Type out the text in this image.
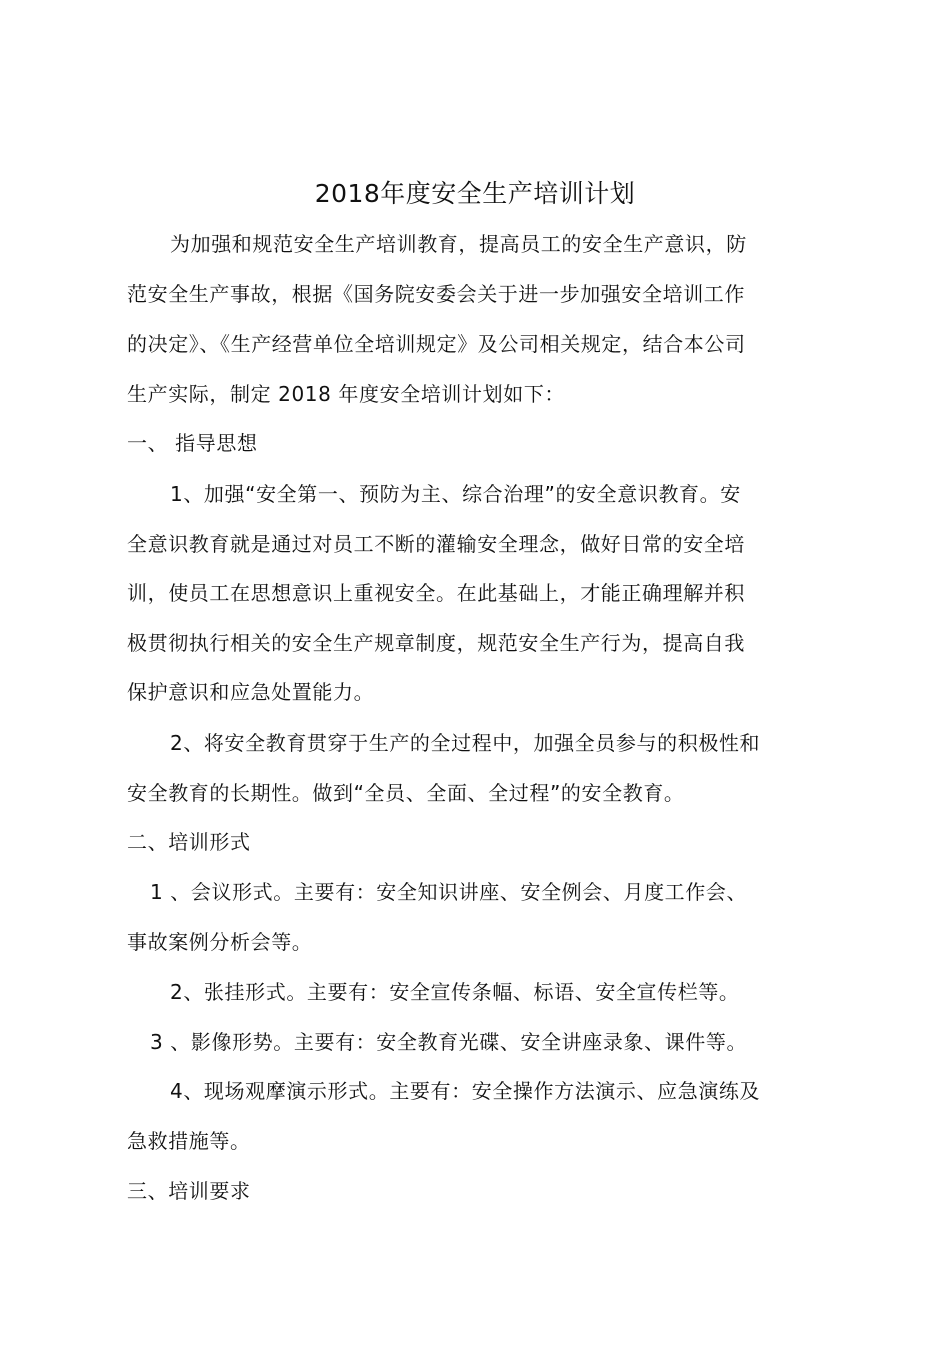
2018年度安全生产培训计划
为加强和规范安全生产培训教育，提高员工的安全生产意识，防
范安全生产事故，根据《国务院安委会关于进一步加强安全培训工作
的决定》、《生产经营单位全培训规定》及公司相关规定，结合本公司
生产实际，制定 2018 年度安全培训计划如下：
一、 指导思想
1、加强“安全第一、预防为主、综合治理”的安全意识教育。安
全意识教育就是通过对员工不断的灌输安全理念，做好日常的安全培
训，使员工在思想意识上重视安全。在此基础上，才能正确理解并积
极贯彻执行相关的安全生产规章制度，规范安全生产行为，提高自我
保护意识和应急处置能力。
2、将安全教育贯穿于生产的全过程中，加强全员参与的积极性和
安全教育的长期性。做到“全员、全面、全过程”的安全教育。
二、培训形式
1 、会议形式。主要有：安全知识讲座、安全例会、月度工作会、
事故案例分析会等。
2、张挂形式。主要有：安全宣传条幅、标语、安全宣传栏等。
3 、影像形势。主要有：安全教育光碟、安全讲座录象、课件等。
4、现场观摩演示形式。主要有：安全操作方法演示、应急演练及
急救措施等。
三、培训要求
